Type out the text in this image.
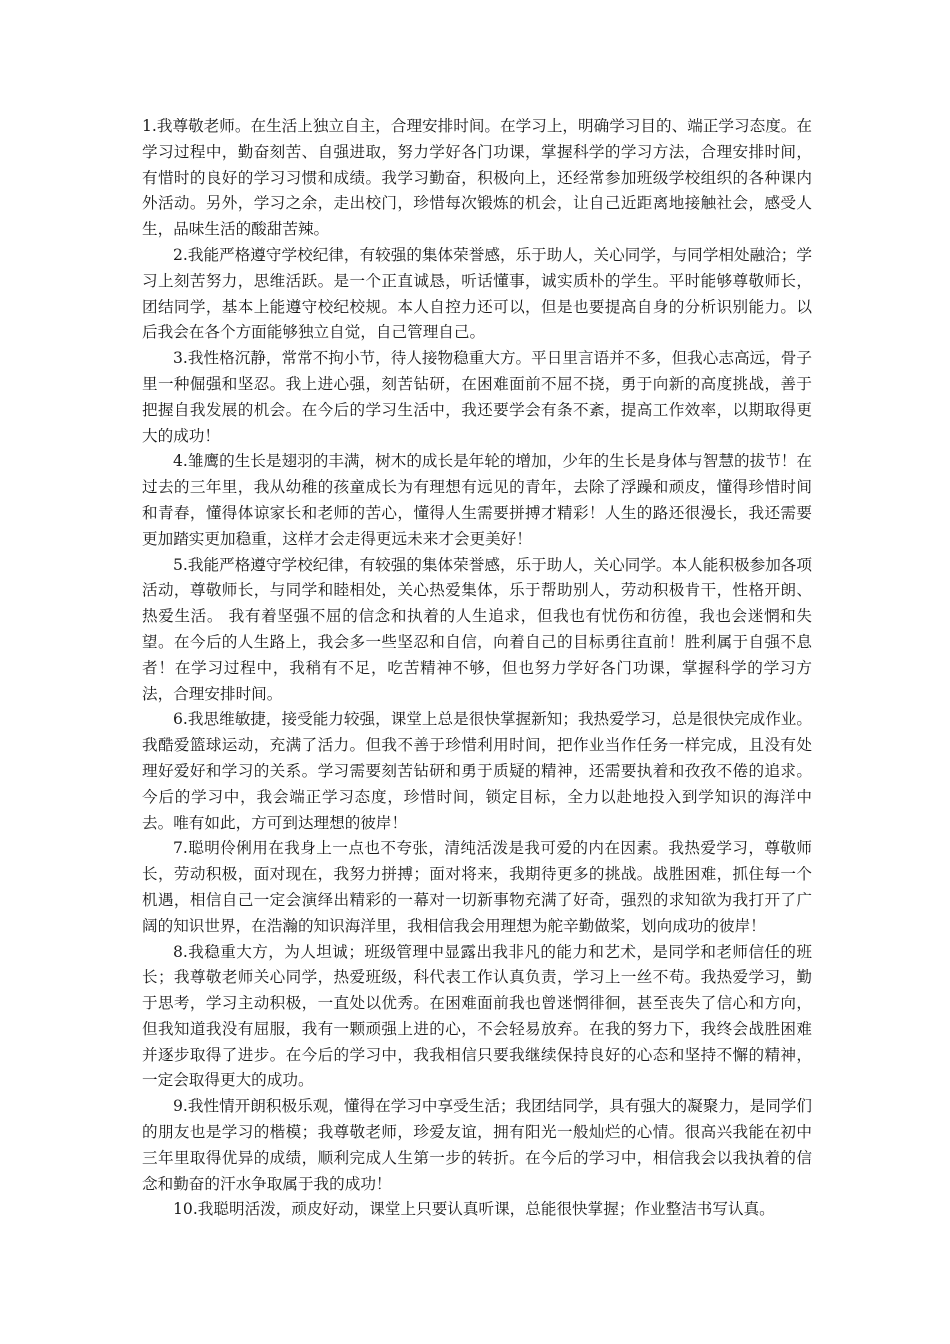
1.我尊敬老师。在生活上独立自主，合理安排时间。在学习上，明确学习目的、端正学习态度。在学习过程中，勤奋刻苦、自强进取，努力学好各门功课，掌握科学的学习方法，合理安排时间，有惜时的良好的学习习惯和成绩。我学习勤奋，积极向上，还经常参加班级学校组织的各种课内外活动。另外，学习之余，走出校门，珍惜每次锻炼的机会，让自己近距离地接触社会，感受人生，品味生活的酸甜苦辣。

2.我能严格遵守学校纪律，有较强的集体荣誉感，乐于助人，关心同学，与同学相处融洽；学习上刻苦努力，思维活跃。是一个正直诚恳，听话懂事，诚实质朴的学生。平时能够尊敬师长，团结同学，基本上能遵守校纪校规。本人自控力还可以，但是也要提高自身的分析识别能力。以后我会在各个方面能够独立自觉，自己管理自己。

3.我性格沉静，常常不拘小节，待人接物稳重大方。平日里言语并不多，但我心志高远，骨子里一种倔强和坚忍。我上进心强，刻苦钻研，在困难面前不屈不挠，勇于向新的高度挑战，善于把握自我发展的机会。在今后的学习生活中，我还要学会有条不紊，提高工作效率，以期取得更大的成功！

4.雏鹰的生长是翅羽的丰满，树木的成长是年轮的增加，少年的生长是身体与智慧的拔节！在过去的三年里，我从幼稚的孩童成长为有理想有远见的青年，去除了浮躁和顽皮，懂得珍惜时间和青春，懂得体谅家长和老师的苦心，懂得人生需要拼搏才精彩！人生的路还很漫长，我还需要更加踏实更加稳重，这样才会走得更远未来才会更美好！

5.我能严格遵守学校纪律，有较强的集体荣誉感，乐于助人，关心同学。本人能积极参加各项活动，尊敬师长，与同学和睦相处，关心热爱集体，乐于帮助别人，劳动积极肯干，性格开朗、热爱生活。 我有着坚强不屈的信念和执着的人生追求，但我也有忧伤和彷徨，我也会迷惘和失望。在今后的人生路上，我会多一些坚忍和自信，向着自己的目标勇往直前！胜利属于自强不息者！在学习过程中，我稍有不足，吃苦精神不够，但也努力学好各门功课，掌握科学的学习方法，合理安排时间。

6.我思维敏捷，接受能力较强，课堂上总是很快掌握新知；我热爱学习，总是很快完成作业。我酷爱篮球运动，充满了活力。但我不善于珍惜利用时间，把作业当作任务一样完成，且没有处理好爱好和学习的关系。学习需要刻苦钻研和勇于质疑的精神，还需要执着和孜孜不倦的追求。今后的学习中，我会端正学习态度，珍惜时间，锁定目标，全力以赴地投入到学知识的海洋中去。唯有如此，方可到达理想的彼岸！

7.聪明伶俐用在我身上一点也不夸张，清纯活泼是我可爱的内在因素。我热爱学习，尊敬师长，劳动积极，面对现在，我努力拼搏；面对将来，我期待更多的挑战。战胜困难，抓住每一个机遇，相信自己一定会演绎出精彩的一幕对一切新事物充满了好奇，强烈的求知欲为我打开了广阔的知识世界，在浩瀚的知识海洋里，我相信我会用理想为舵辛勤做桨，划向成功的彼岸！

8.我稳重大方，为人坦诚；班级管理中显露出我非凡的能力和艺术，是同学和老师信任的班长；我尊敬老师关心同学，热爱班级，科代表工作认真负责，学习上一丝不苟。我热爱学习，勤于思考，学习主动积极，一直处以优秀。在困难面前我也曾迷惘徘徊，甚至丧失了信心和方向，但我知道我没有屈服，我有一颗顽强上进的心，不会轻易放弃。在我的努力下，我终会战胜困难并逐步取得了进步。在今后的学习中，我我相信只要我继续保持良好的心态和坚持不懈的精神，一定会取得更大的成功。

9.我性情开朗积极乐观，懂得在学习中享受生活；我团结同学，具有强大的凝聚力，是同学们的朋友也是学习的楷模；我尊敬老师，珍爱友谊，拥有阳光一般灿烂的心情。很高兴我能在初中三年里取得优异的成绩，顺利完成人生第一步的转折。在今后的学习中，相信我会以我执着的信念和勤奋的汗水争取属于我的成功！

10.我聪明活泼，顽皮好动，课堂上只要认真听课，总能很快掌握；作业整洁书写认真。
